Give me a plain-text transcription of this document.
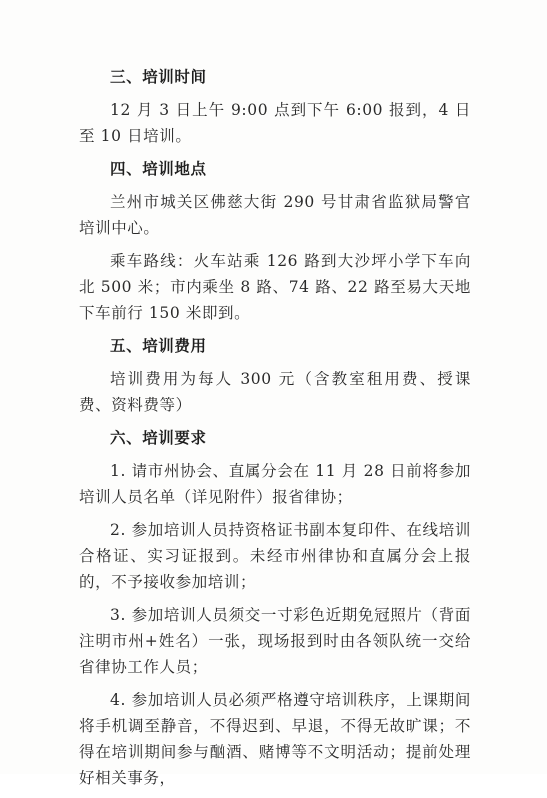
三、培训时间

12 月 3 日上午 9:00 点到下午 6:00 报到，4 日至 10 日培训。

四、培训地点

兰州市城关区佛慈大街 290 号甘肃省监狱局警官培训中心。

乘车路线：火车站乘 126 路到大沙坪小学下车向北 500 米；市内乘坐 8 路、74 路、22 路至易大天地下车前行 150 米即到。

五、培训费用

培训费用为每人 300 元（含教室租用费、授课费、资料费等）

六、培训要求

1. 请市州协会、直属分会在 11 月 28 日前将参加培训人员名单（详见附件）报省律协；

2. 参加培训人员持资格证书副本复印件、在线培训合格证、实习证报到。未经市州律协和直属分会上报的，不予接收参加培训；

3. 参加培训人员须交一寸彩色近期免冠照片（背面注明市州+姓名）一张，现场报到时由各领队统一交给省律协工作人员；

4. 参加培训人员必须严格遵守培训秩序，上课期间将手机调至静音，不得迟到、早退，不得无故旷课；不得在培训期间参与酗酒、赌博等不文明活动；提前处理好相关事务，
